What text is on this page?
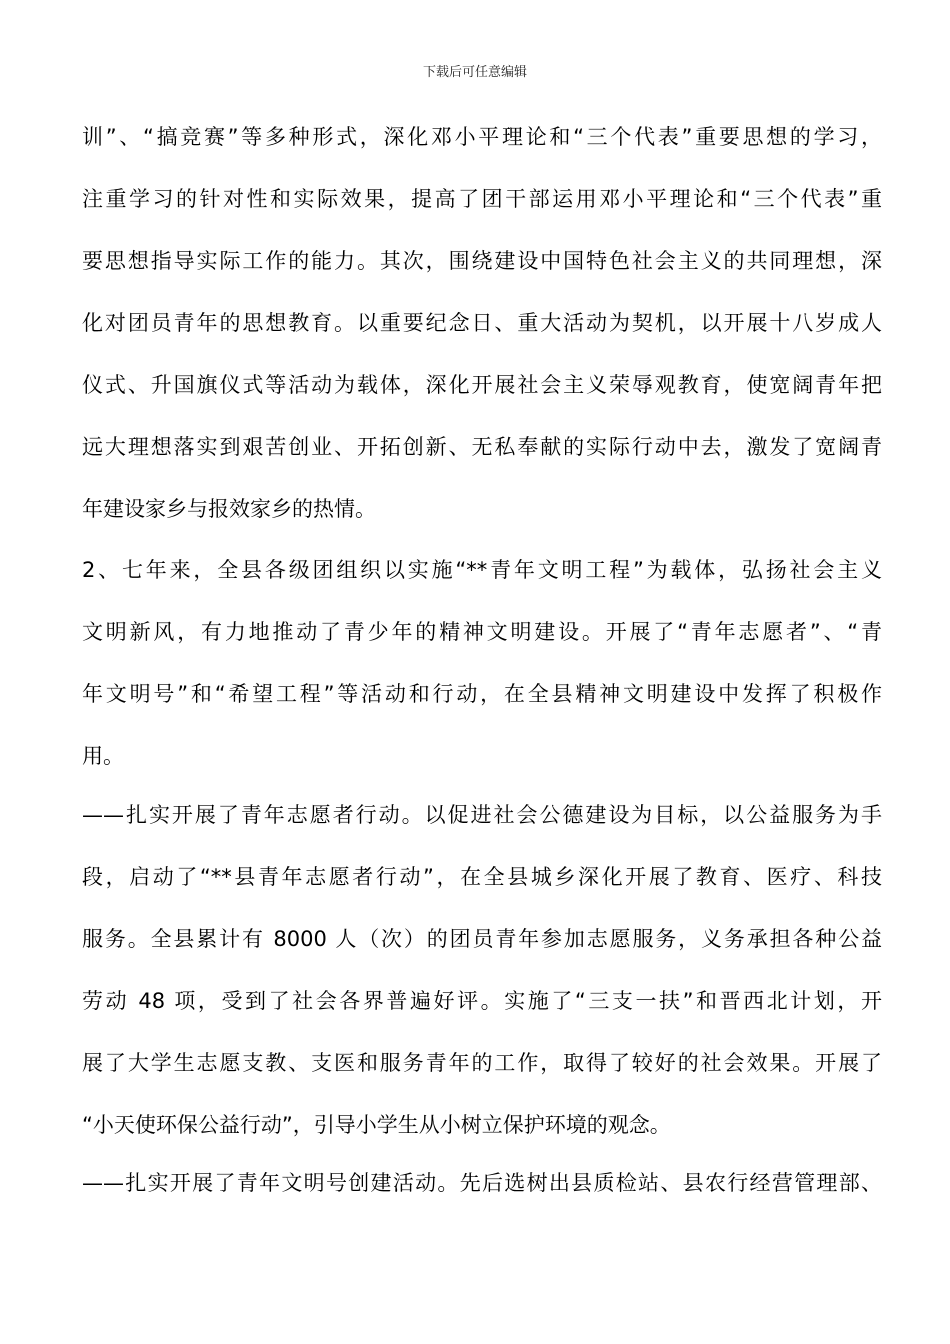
下载后可任意编辑
训”、“搞竞赛”等多种形式，深化邓小平理论和“三个代表”重要思想的学习，
注重学习的针对性和实际效果，提高了团干部运用邓小平理论和“三个代表”重
要思想指导实际工作的能力。其次，围绕建设中国特色社会主义的共同理想，深
化对团员青年的思想教育。以重要纪念日、重大活动为契机，以开展十八岁成人
仪式、升国旗仪式等活动为载体，深化开展社会主义荣辱观教育，使宽阔青年把
远大理想落实到艰苦创业、开拓创新、无私奉献的实际行动中去，激发了宽阔青
年建设家乡与报效家乡的热情。
2、七年来，全县各级团组织以实施“**青年文明工程”为载体，弘扬社会主义
文明新风，有力地推动了青少年的精神文明建设。开展了“青年志愿者”、“青
年文明号”和“希望工程”等活动和行动，在全县精神文明建设中发挥了积极作
用。
——扎实开展了青年志愿者行动。以促进社会公德建设为目标，以公益服务为手
段，启动了“**县青年志愿者行动”，在全县城乡深化开展了教育、医疗、科技
服务。全县累计有 8000 人（次）的团员青年参加志愿服务，义务承担各种公益
劳动 48 项，受到了社会各界普遍好评。实施了“三支一扶”和晋西北计划，开
展了大学生志愿支教、支医和服务青年的工作，取得了较好的社会效果。开展了
“小天使环保公益行动”，引导小学生从小树立保护环境的观念。
——扎实开展了青年文明号创建活动。先后选树出县质检站、县农行经营管理部、
